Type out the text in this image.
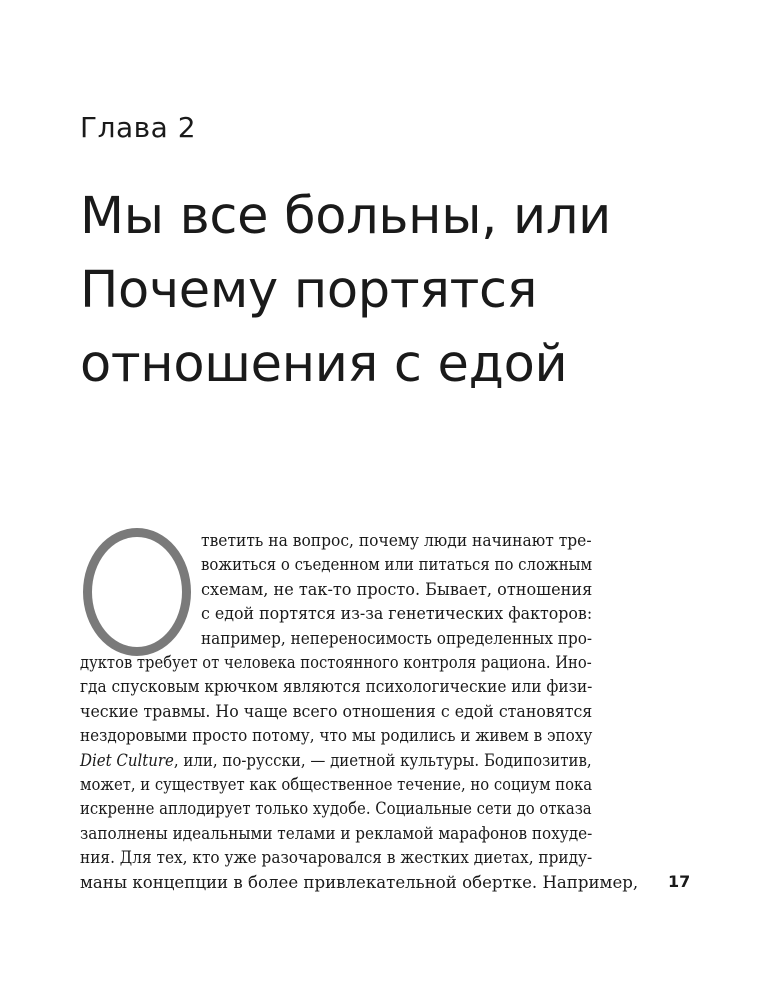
Глава 2
Мы все больны, или
Почему портятся
отношения с едой
тветить на вопрос, почему люди начинают тре-
вожиться о съеденном или питаться по сложным
схемам, не так-то просто. Бывает, отношения
с едой портятся из-за генетических факторов:
например, непереносимость определенных про-
дуктов требует от человека постоянного контроля рациона. Ино-
гда спусковым крючком являются психологические или физи-
ческие травмы. Но чаще всего отношения с едой становятся
нездоровыми просто потому, что мы родились и живем в эпоху
Diet Culture, или, по-русски, — диетной культуры. Бодипозитив,
может, и существует как общественное течение, но социум пока
искренне аплодирует только худобе. Социальные сети до отказа
заполнены идеальными телами и рекламой марафонов похуде-
ния. Для тех, кто уже разочаровался в жестких диетах, приду-
маны концепции в более привлекательной обертке. Например, 17
